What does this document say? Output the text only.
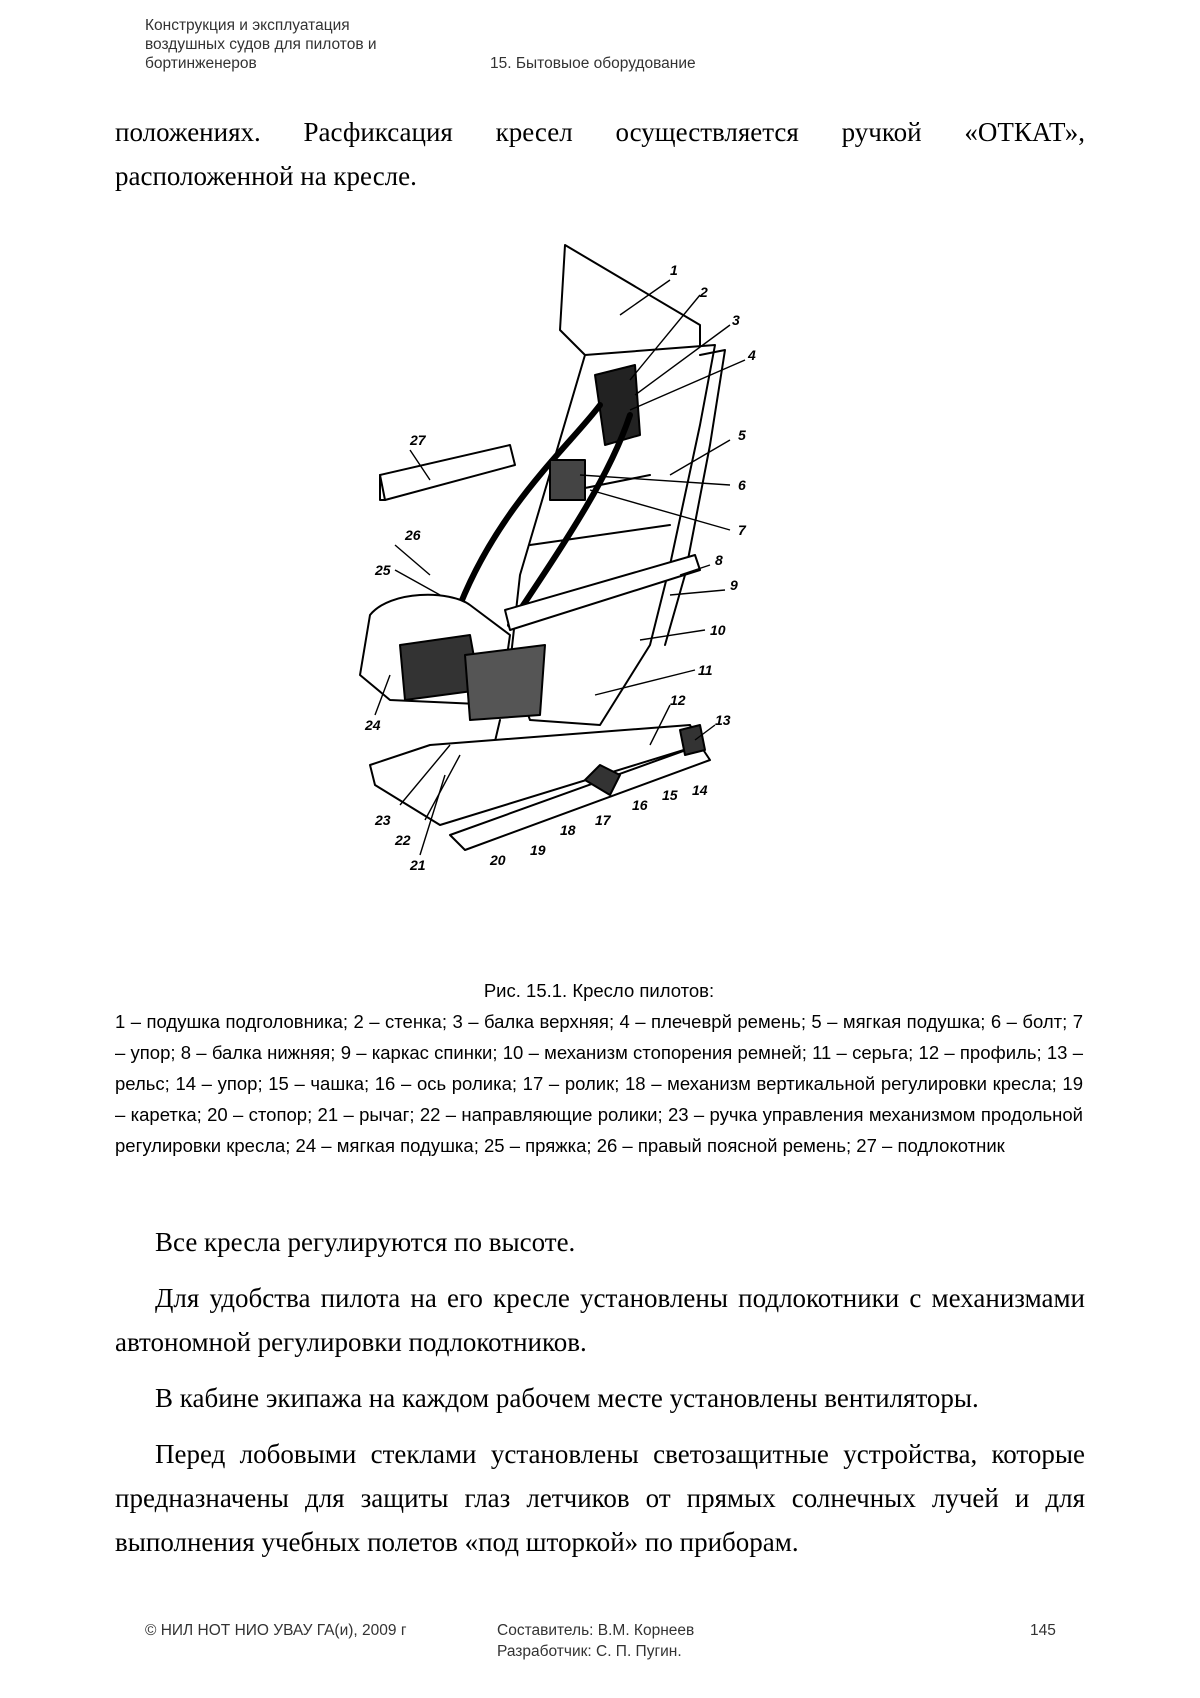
Конструкция и эксплуатация
воздушных судов для пилотов и
бортинженеров	15. Бытовыое оборудование
положениях. Расфиксация кресел осуществляется ручкой «ОТКАТ», расположенной на кресле.
1
2
3
4
5
6
7
8
9
10
11
12
13
14
15
16
17
18
19
20
21
22
23
24
25
26
27
Рис. 15.1. Кресло пилотов:
1 – подушка подголовника; 2 – стенка; 3 – балка верхняя; 4 – плечеврй ремень; 5 – мягкая подушка; 6 – болт; 7 – упор; 8 – балка нижняя; 9 – каркас спинки; 10 – механизм стопорения ремней; 11 – серьга; 12 – профиль; 13 – рельс; 14 – упор; 15 – чашка; 16 – ось ролика; 17 – ролик; 18 – механизм вертикальной регулировки кресла; 19 – каретка; 20 – стопор; 21 – рычаг; 22 – направляющие ролики; 23 – ручка управления механизмом продольной регулировки кресла; 24 – мягкая подушка; 25 – пряжка; 26 – правый поясной ремень; 27 – подлокотник

Все кресла регулируются по высоте.

Для удобства пилота на его кресле установлены подлокотники с механизмами автономной регулировки подлокотников.

В кабине экипажа на каждом рабочем месте установлены вентиляторы.

Перед лобовыми стеклами установлены светозащитные устройства, которые предназначены для защиты глаз летчиков от прямых солнечных лучей и для выполнения учебных полетов «под шторкой» по приборам.

© НИЛ НОТ НИО УВАУ ГА(и), 2009 г	Составитель: В.М. Корнеев
Разработчик: С. П. Пугин.
145
